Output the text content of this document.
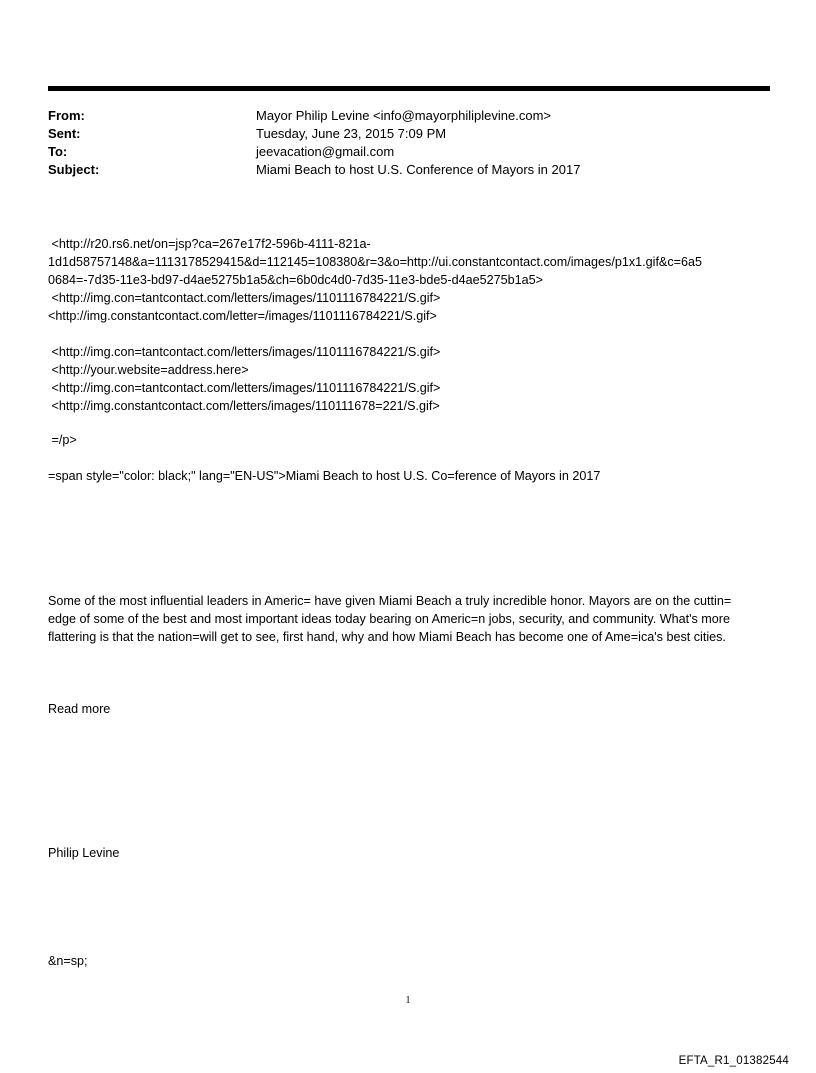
From:	Mayor Philip Levine <info@mayorphiliplevine.com>
Sent:	Tuesday, June 23, 2015 7:09 PM
To:	jeevacation@gmail.com
Subject:	Miami Beach to host U.S. Conference of Mayors in 2017
<http://r20.rs6.net/on=jsp?ca=267e17f2-596b-4111-821a-
1d1d58757148&a=1113178529415&d=112145=108380&r=3&o=http://ui.constantcontact.com/images/p1x1.gif&c=6a5
0684=-7d35-11e3-bd97-d4ae5275b1a5&ch=6b0dc4d0-7d35-11e3-bde5-d4ae5275b1a5>
<http://img.con=tantcontact.com/letters/images/1101116784221/S.gif>
<http://img.constantcontact.com/letter=/images/1101116784221/S.gif>
<http://img.con=tantcontact.com/letters/images/1101116784221/S.gif>
<http://your.website=address.here>
<http://img.con=tantcontact.com/letters/images/1101116784221/S.gif>
<http://img.constantcontact.com/letters/images/110111678=221/S.gif>
=/p>
=span style="color: black;" lang="EN-US">Miami Beach to host U.S. Co=ference of Mayors in 2017
Some of the most influential leaders in Americ= have given Miami Beach a truly incredible honor. Mayors are on the cuttin= edge of some of the best and most important ideas today bearing on Americ=n jobs, security, and community. What's more flattering is that the nation=will get to see, first hand, why and how Miami Beach has become one of Ame=ica's best cities.
Read more
Philip Levine
&n=sp;
1
EFTA_R1_01382544
